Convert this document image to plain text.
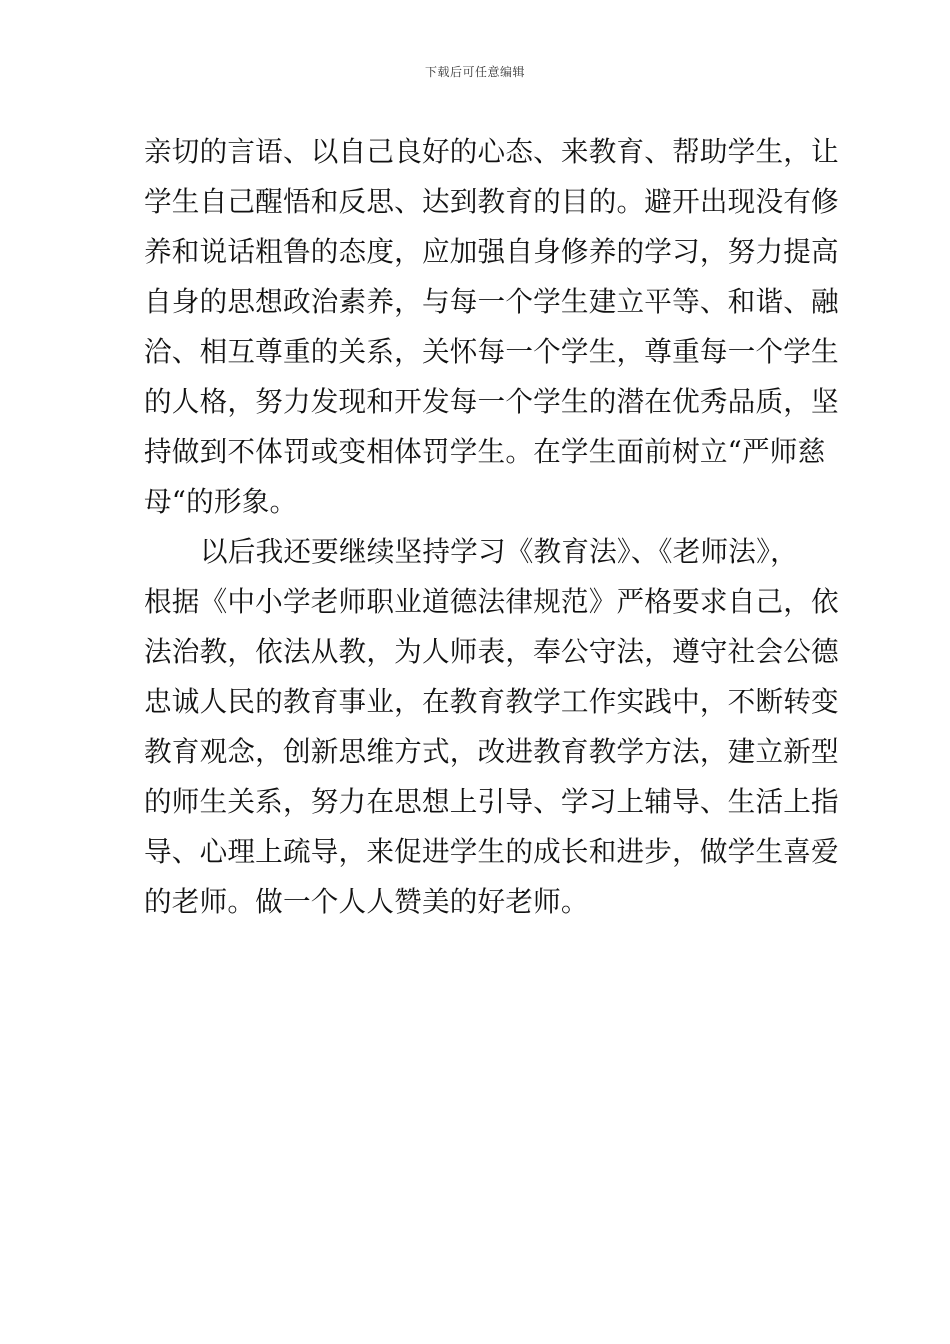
下载后可任意编辑
亲切的言语、以自己良好的心态、来教育、帮助学生，让
学生自己醒悟和反思、达到教育的目的。避开出现没有修
养和说话粗鲁的态度，应加强自身修养的学习，努力提高
自身的思想政治素养，与每一个学生建立平等、和谐、融
洽、相互尊重的关系，关怀每一个学生，尊重每一个学生
的人格，努力发现和开发每一个学生的潜在优秀品质，坚
持做到不体罚或变相体罚学生。在学生面前树立“严师慈
母“的形象。
以后我还要继续坚持学习《教育法》、《老师法》，
根据《中小学老师职业道德法律规范》严格要求自己，依
法治教，依法从教，为人师表，奉公守法，遵守社会公德
忠诚人民的教育事业，在教育教学工作实践中，不断转变
教育观念，创新思维方式，改进教育教学方法，建立新型
的师生关系，努力在思想上引导、学习上辅导、生活上指
导、心理上疏导，来促进学生的成长和进步，做学生喜爱
的老师。做一个人人赞美的好老师。
